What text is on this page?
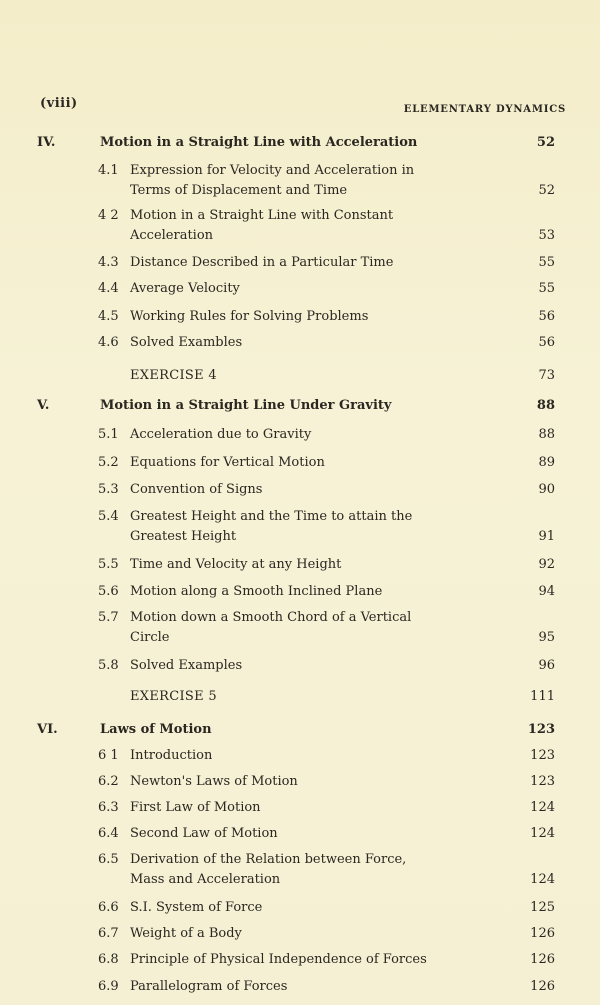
(viii)	ELEMENTARY DYNAMICS
IV.	Motion in a Straight Line with Acceleration	52
4.1 Expression for Velocity and Acceleration in
Terms of Displacement and Time	52
4 2 Motion in a Straight Line with Constant
Acceleration	53
4.3 Distance Described in a Particular Time	55
4.4 Average Velocity	55
4.5 Working Rules for Solving Problems	56
4.6 Solved Exambles	56
EXERCISE 4	73
V.	Motion in a Straight Line Under Gravity	88
5.1 Acceleration due to Gravity	88
5.2 Equations for Vertical Motion	89
5.3 Convention of Signs	90
5.4 Greatest Height and the Time to attain the
Greatest Height	91
5.5 Time and Velocity at any Height	92
5.6 Motion along a Smooth Inclined Plane	94
5.7 Motion down a Smooth Chord of a Vertical
Circle	95
5.8 Solved Examples	96
EXERCISE 5	111
VI.	Laws of Motion	123
6 1 Introduction	123
6.2 Newton's Laws of Motion	123
6.3 First Law of Motion	124
6.4 Second Law of Motion	124
6.5 Derivation of the Relation between Force,
Mass and Acceleration	124
6.6 S.I. System of Force	125
6.7 Weight of a Body	126
6.8 Principle of Physical Independence of Forces	126
6.9 Parallelogram of Forces	126
